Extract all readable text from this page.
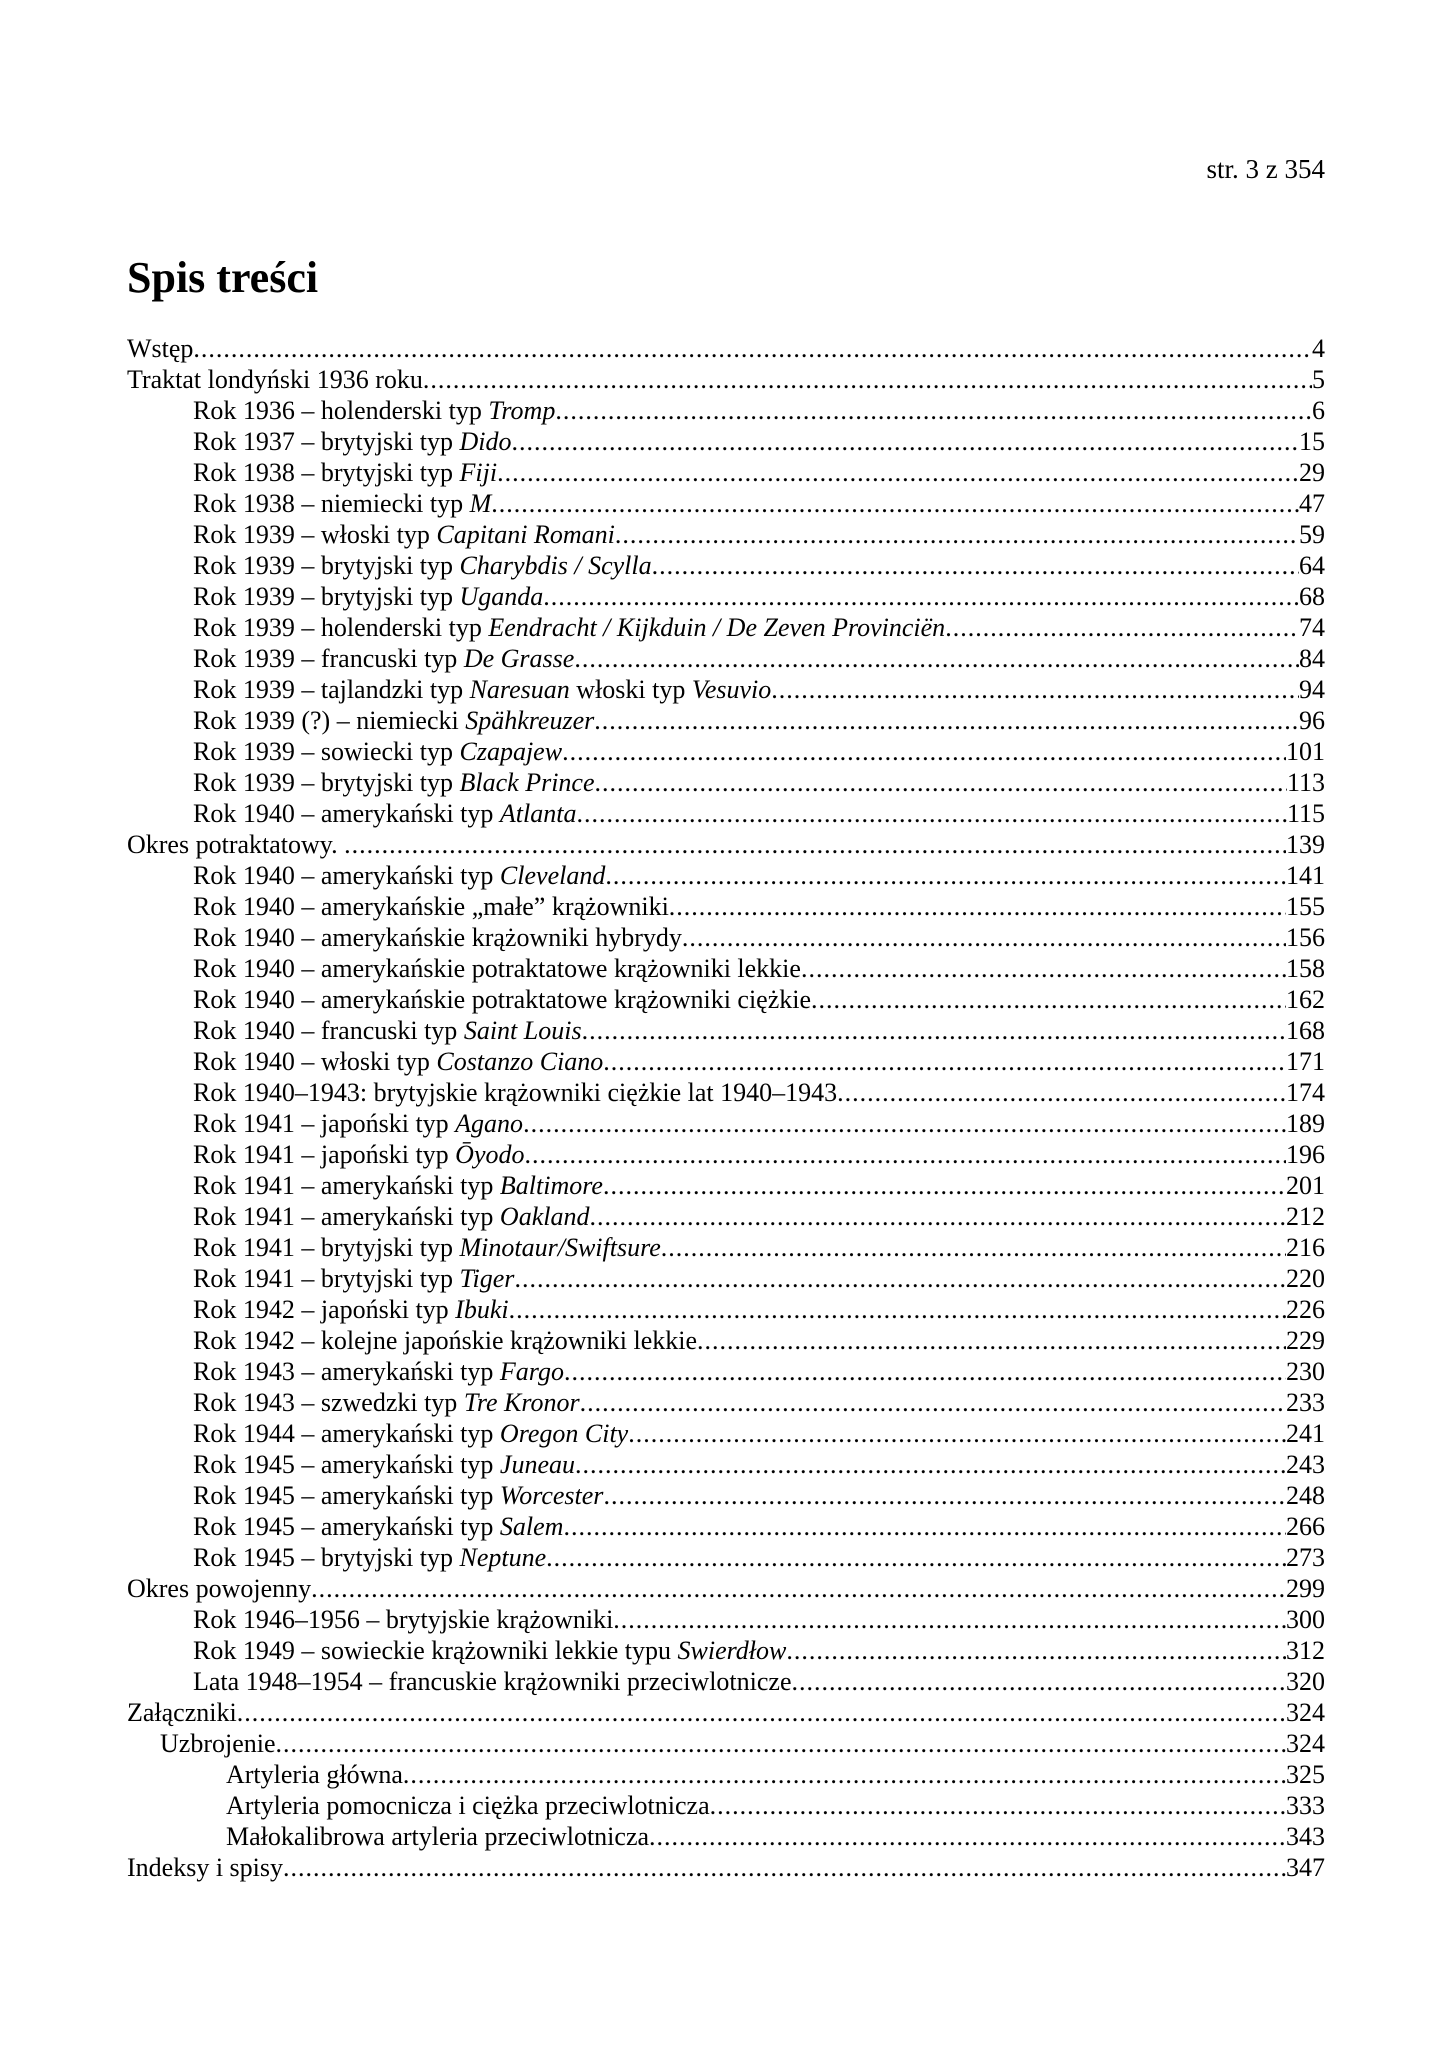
str. 3 z 354
Spis treści
Wstęp .....	4
Traktat londyński 1936 roku .....	5
Rok 1936 – holenderski typ Tromp .....	6
Rok 1937 – brytyjski typ Dido .....	15
Rok 1938 – brytyjski typ Fiji .....	29
Rok 1938 – niemiecki typ M .....	47
Rok 1939 – włoski typ Capitani Romani .....	59
Rok 1939 – brytyjski typ Charybdis / Scylla .....	64
Rok 1939 – brytyjski typ Uganda .....	68
Rok 1939 – holenderski typ Eendracht / Kijkduin / De Zeven Provinciën .....	74
Rok 1939 – francuski typ De Grasse .....	84
Rok 1939 – tajlandzki typ Naresuan włoski typ Vesuvio .....	94
Rok 1939 (?) – niemiecki Spähkreuzer .....	96
Rok 1939 – sowiecki typ Czapajew .....	101
Rok 1939 – brytyjski typ Black Prince .....	113
Rok 1940 – amerykański typ Atlanta .....	115
Okres potraktatowy. .....	139
Rok 1940 – amerykański typ Cleveland .....	141
Rok 1940 – amerykańskie „małe” krążowniki .....	155
Rok 1940 – amerykańskie krążowniki hybrydy .....	156
Rok 1940 – amerykańskie potraktatowe krążowniki lekkie .....	158
Rok 1940 – amerykańskie potraktatowe krążowniki ciężkie .....	162
Rok 1940 – francuski typ Saint Louis .....	168
Rok 1940 – włoski typ Costanzo Ciano .....	171
Rok 1940–1943: brytyjskie krążowniki ciężkie lat 1940–1943 .....	174
Rok 1941 – japoński typ Agano .....	189
Rok 1941 – japoński typ Ōyodo .....	196
Rok 1941 – amerykański typ Baltimore .....	201
Rok 1941 – amerykański typ Oakland .....	212
Rok 1941 – brytyjski typ Minotaur/Swiftsure .....	216
Rok 1941 – brytyjski typ Tiger .....	220
Rok 1942 – japoński typ Ibuki .....	226
Rok 1942 – kolejne japońskie krążowniki lekkie .....	229
Rok 1943 – amerykański typ Fargo .....	230
Rok 1943 – szwedzki typ Tre Kronor .....	233
Rok 1944 – amerykański typ Oregon City .....	241
Rok 1945 – amerykański typ Juneau .....	243
Rok 1945 – amerykański typ Worcester .....	248
Rok 1945 – amerykański typ Salem .....	266
Rok 1945 – brytyjski typ Neptune .....	273
Okres powojenny .....	299
Rok 1946–1956 – brytyjskie krążowniki .....	300
Rok 1949 – sowieckie krążowniki lekkie typu Swierdłow .....	312
Lata 1948–1954 – francuskie krążowniki przeciwlotnicze .....	320
Załączniki .....	324
Uzbrojenie .....	324
Artyleria główna .....	325
Artyleria pomocnicza i ciężka przeciwlotnicza .....	333
Małokalibrowa artyleria przeciwlotnicza .....	343
Indeksy i spisy .....	347
